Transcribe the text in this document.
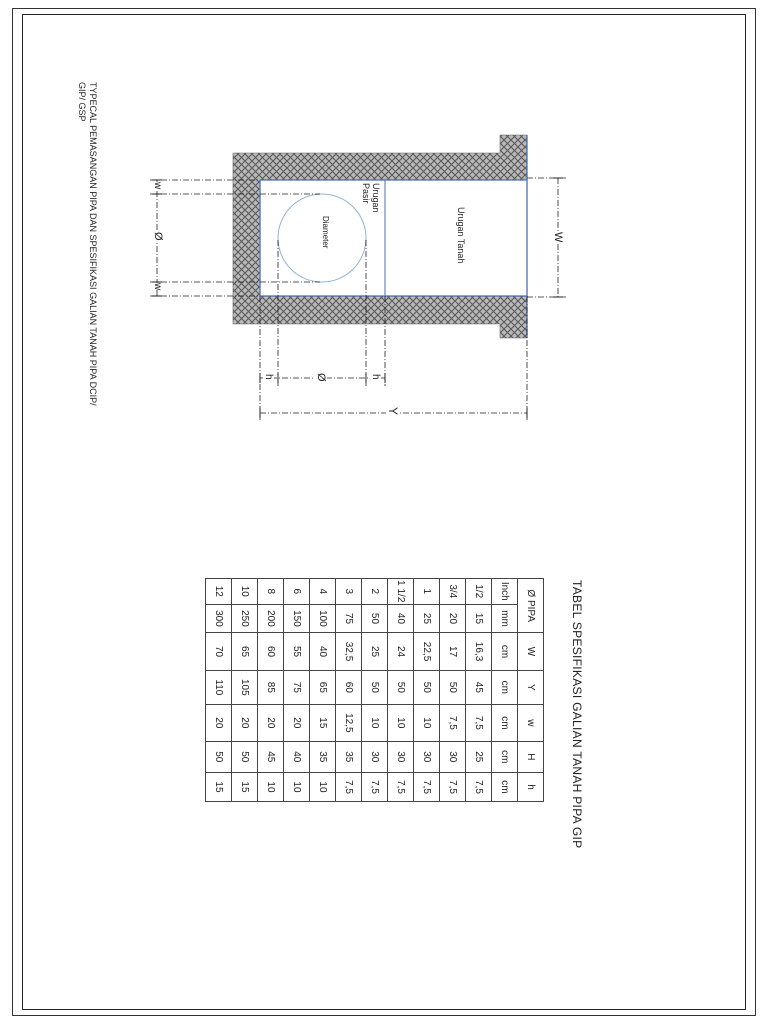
TYPECAL PEMASANGAN PIPA DAN SPESIFIKASI GALIAN TANAH PIPA DCIP/
GIP/ GSP
Urugan Tanah
Urugan
Pasir
Diameter
w
Ø
w
h	Ø	h
Y
W
TABEL SPESIFIKASI GALIAN TANAH PIPA GIP
Ø PIPA		W	Y	w	H	h
Inch	mm	cm	cm	cm	cm	cm
1/2	15	16,3	45	7,5	25	7,5
3/4	20	17	50	7,5	30	7,5
1	25	22,5	50	10	30	7,5
1 1/2	40	24	50	10	30	7,5
2	50	25	50	10	30	7,5
3	75	32,5	60	12,5	35	7,5
4	100	40	65	15	35	10
6	150	55	75	20	40	10
8	200	60	85	20	45	10
10	250	65	105	20	50	15
12	300	70	110	20	50	15
